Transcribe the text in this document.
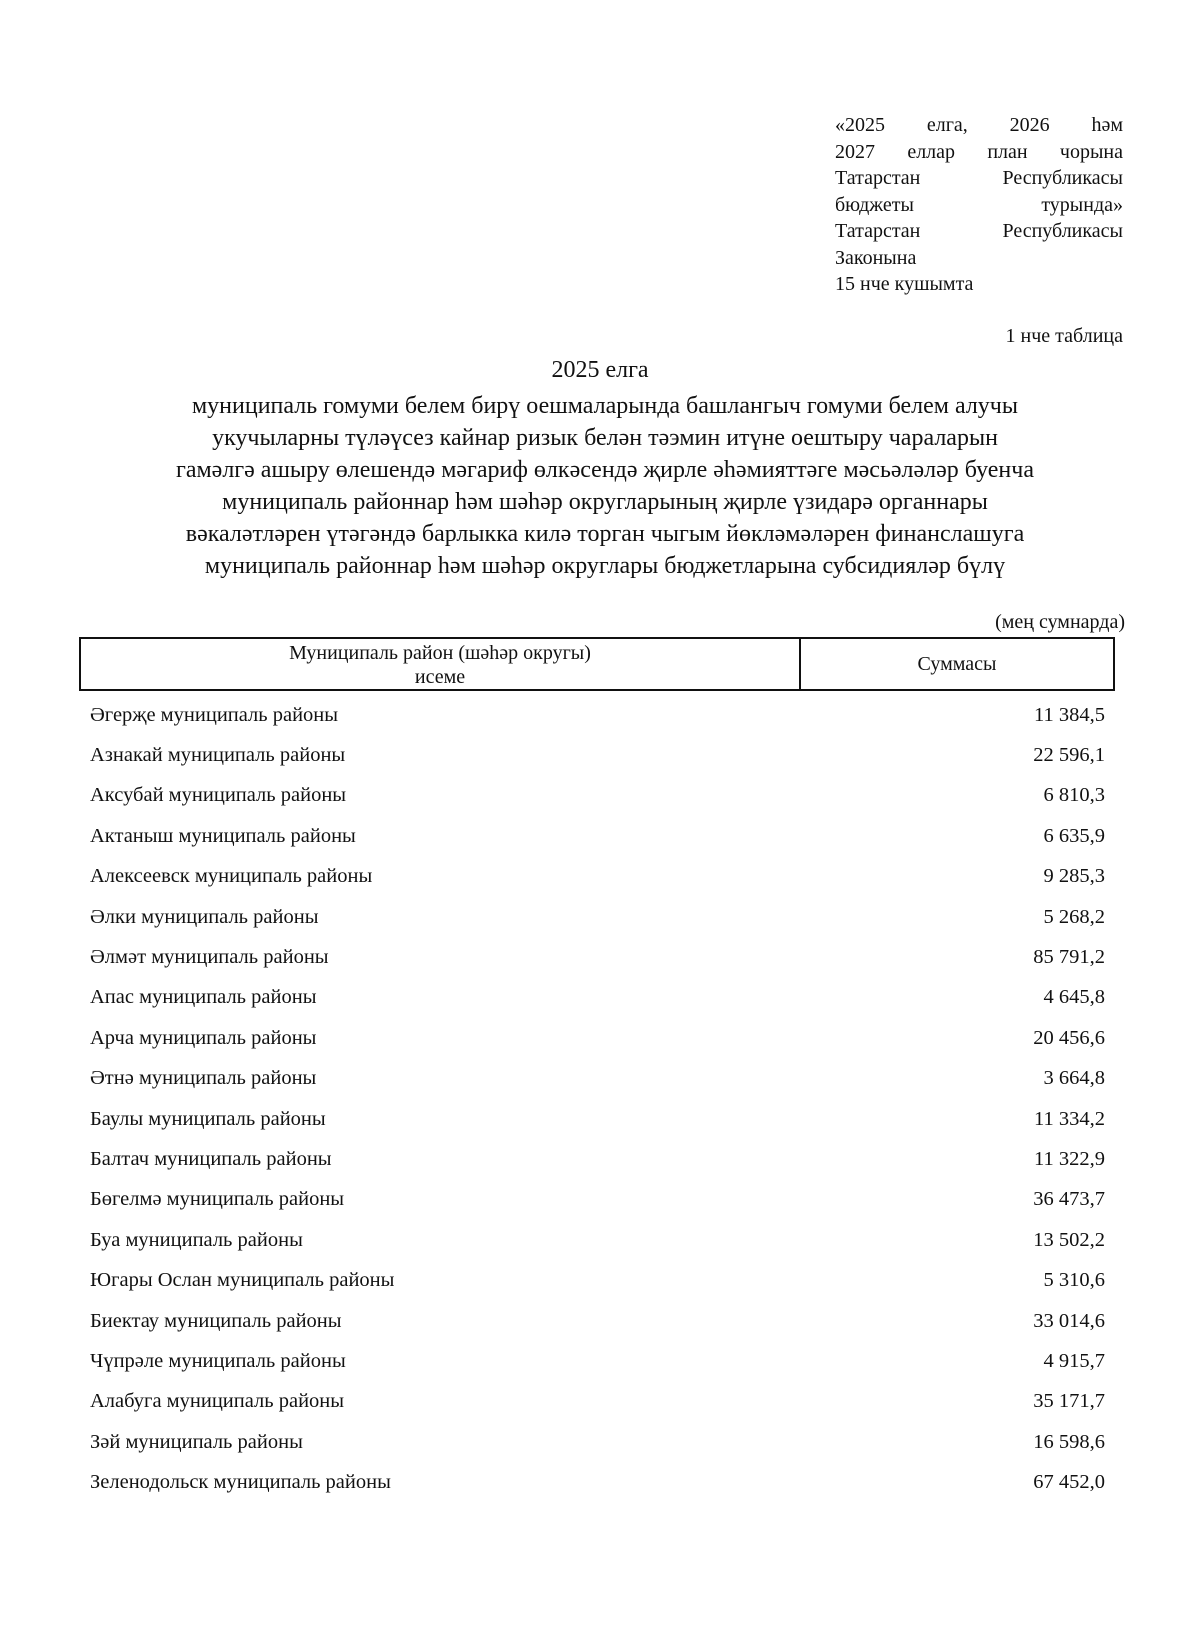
«2025 елга, 2026 һәм
2027 еллар план чорына
Татарстан Республикасы
бюджеты турында»
Татарстан Республикасы
Законына
15 нче кушымта
1 нче таблица
2025 елга
муниципаль гомуми белем бирү оешмаларында башлангыч гомуми белем алучы
укучыларны түләүсез кайнар ризык белән тәэмин итүне оештыру чараларын
гамәлгә ашыру өлешендә мәгариф өлкәсендә җирле әһәмияттәге мәсьәләләр буенча
муниципаль районнар һәм шәһәр округларының җирле үзидарә органнары
вәкаләтләрен үтәгәндә барлыкка килә торган чыгым йөкләмәләрен финанслашуга
муниципаль районнар һәм шәһәр округлары бюджетларына субсидияләр бүлү
(мең сумнарда)
Муниципаль район (шәһәр округы)
исеме
Суммасы
Әгерҗе муниципаль районы	11 384,5
Азнакай муниципаль районы	22 596,1
Аксубай муниципаль районы	6 810,3
Актаныш муниципаль районы	6 635,9
Алексеевск муниципаль районы	9 285,3
Әлки муниципаль районы	5 268,2
Әлмәт муниципаль районы	85 791,2
Апас муниципаль районы	4 645,8
Арча муниципаль районы	20 456,6
Әтнә муниципаль районы	3 664,8
Баулы муниципаль районы	11 334,2
Балтач муниципаль районы	11 322,9
Бөгелмә муниципаль районы	36 473,7
Буа муниципаль районы	13 502,2
Югары Ослан муниципаль районы	5 310,6
Биектау муниципаль районы	33 014,6
Чүпрәле муниципаль районы	4 915,7
Алабуга муниципаль районы	35 171,7
Зәй муниципаль районы	16 598,6
Зеленодольск муниципаль районы	67 452,0
